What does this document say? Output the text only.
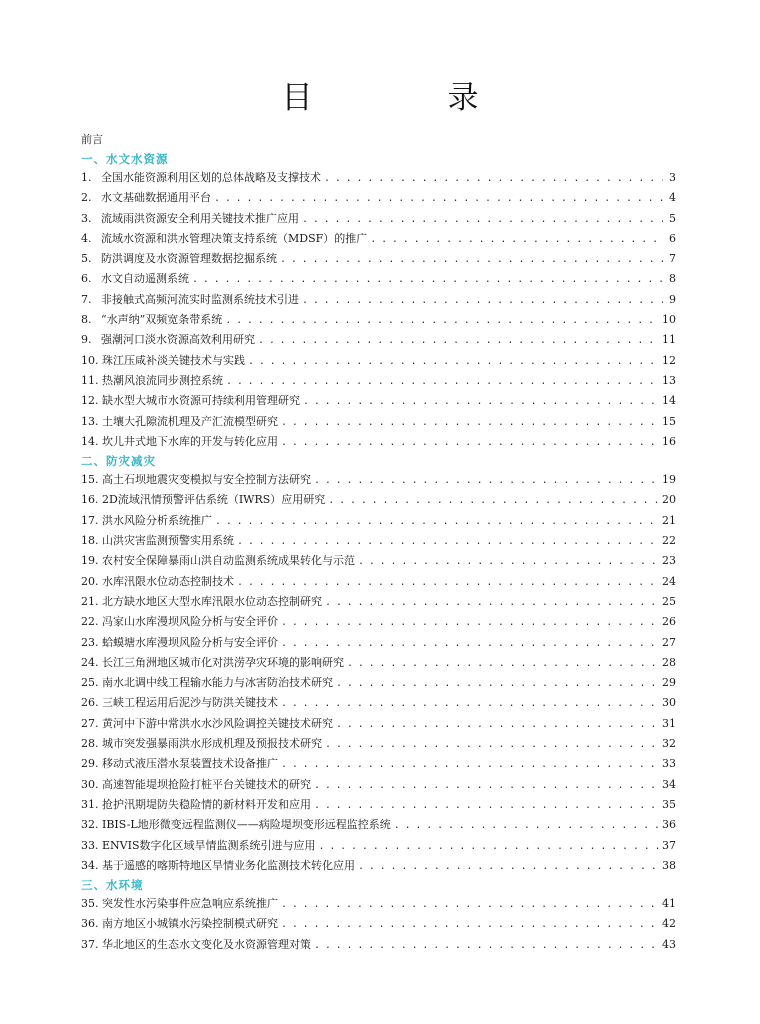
目　录
前言
一、水文水资源
1. 全国水能资源利用区划的总体战略及支撑技术 . . .	3
2. 水文基础数据通用平台 . . .	4
3. 流域雨洪资源安全利用关键技术推广应用 . . .	5
4. 流域水资源和洪水管理决策支持系统（MDSF）的推广 . . .	6
5. 防洪调度及水资源管理数据挖掘系统 . . .	7
6. 水文自动遥测系统 . . .	8
7. 非接触式高频河流实时监测系统技术引进 . . .	9
8. “水声纳”双频宽条带系统 . . .	10
9. 强潮河口淡水资源高效利用研究 . . .	11
10. 珠江压咸补淡关键技术与实践 . . .	12
11. 热潮风浪流同步测控系统 . . .	13
12. 缺水型大城市水资源可持续利用管理研究 . . .	14
13. 土壤大孔隙流机理及产汇流模型研究 . . .	15
14. 坎儿井式地下水库的开发与转化应用 . . .	16
二、防灾减灾
15. 高土石坝地震灾变模拟与安全控制方法研究 . . .	19
16. 2D流域汛情预警评估系统（IWRS）应用研究 . . .	20
17. 洪水风险分析系统推广 . . .	21
18. 山洪灾害监测预警实用系统 . . .	22
19. 农村安全保障暴雨山洪自动监测系统成果转化与示范 . . .	23
20. 水库汛限水位动态控制技术 . . .	24
21. 北方缺水地区大型水库汛限水位动态控制研究 . . .	25
22. 冯家山水库漫坝风险分析与安全评价 . . .	26
23. 蛤蟆塘水库漫坝风险分析与安全评价 . . .	27
24. 长江三角洲地区城市化对洪涝孕灾环境的影响研究 . . .	28
25. 南水北调中线工程输水能力与冰害防治技术研究 . . .	29
26. 三峡工程运用后泥沙与防洪关键技术 . . .	30
27. 黄河中下游中常洪水水沙风险调控关键技术研究 . . .	31
28. 城市突发强暴雨洪水形成机理及预报技术研究 . . .	32
29. 移动式液压潜水泵装置技术设备推广 . . .	33
30. 高速智能堤坝抢险打桩平台关键技术的研究 . . .	34
31. 抢护汛期堤防失稳险情的新材料开发和应用 . . .	35
32. IBIS-L地形微变远程监测仪——病险堤坝变形远程监控系统 . . .	36
33. ENVIS数字化区域旱情监测系统引进与应用 . . .	37
34. 基于遥感的喀斯特地区旱情业务化监测技术转化应用 . . .	38
三、水环境
35. 突发性水污染事件应急响应系统推广 . . .	41
36. 南方地区小城镇水污染控制模式研究 . . .	42
37. 华北地区的生态水文变化及水资源管理对策 . . .	43
